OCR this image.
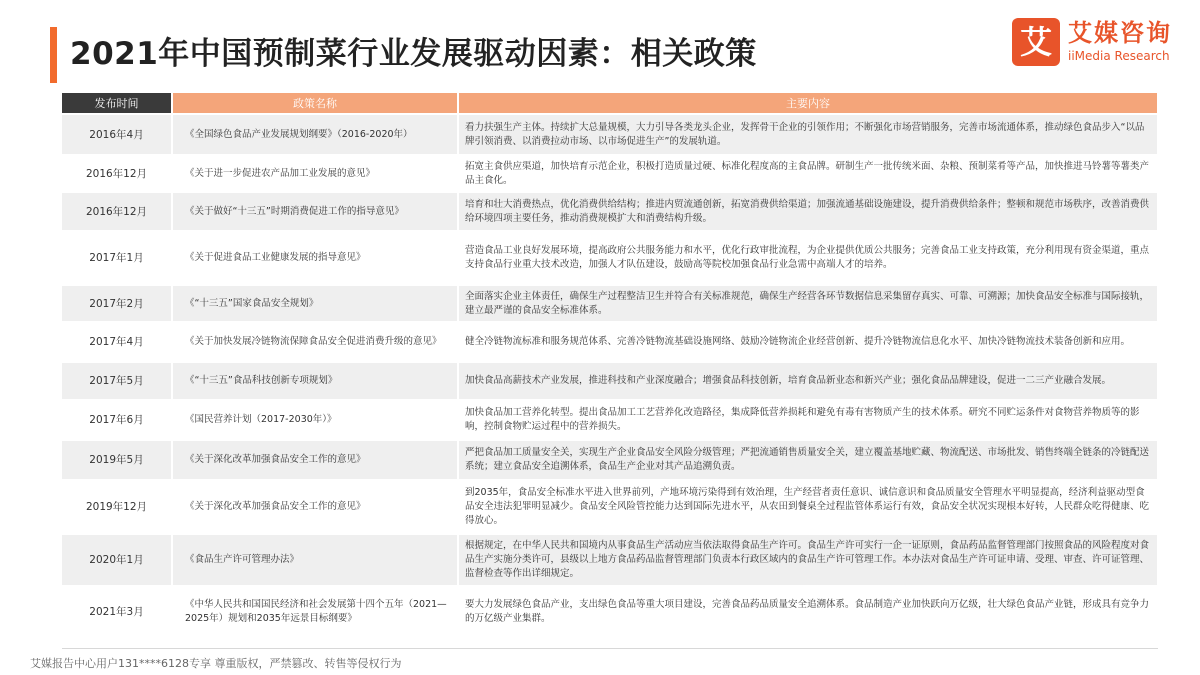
2021年中国预制菜行业发展驱动因素：相关政策	艾 艾媒咨询
iiMedia Research
发布时间	政策名称	主要内容
2016年4月	《全国绿色食品产业发展规划纲要》（2016-2020年）	看力扶强生产主体。持续扩大总量规模，大力引导各类龙头企业，发挥骨干企业的引领作用；不断强化市场营销服务，完善市场流通体系，推动绿色食品步入“以品牌引领消费、以消费拉动市场、以市场促进生产”的发展轨道。
2016年12月	《关于进一步促进农产品加工业发展的意见》	拓宽主食供应渠道，加快培育示范企业，积极打造质量过硬、标准化程度高的主食品牌。研制生产一批传统米面、杂粮、预制菜肴等产品，加快推进马铃薯等薯类产品主食化。
2016年12月	《关于做好“十三五”时期消费促进工作的指导意见》	培育和壮大消费热点，优化消费供给结构；推进内贸流通创新，拓宽消费供给渠道；加强流通基础设施建设，提升消费供给条件；整顿和规范市场秩序，改善消费供给环境四项主要任务，推动消费规模扩大和消费结构升级。
2017年1月	《关于促进食品工业健康发展的指导意见》	营造食品工业良好发展环境，提高政府公共服务能力和水平，优化行政审批流程，为企业提供优质公共服务；完善食品工业支持政策，充分利用现有资金渠道，重点支持食品行业重大技术改造，加强人才队伍建设，鼓励高等院校加强食品行业急需中高端人才的培养。
2017年2月	《“十三五”国家食品安全规划》	全面落实企业主体责任，确保生产过程整洁卫生并符合有关标准规范，确保生产经营各环节数据信息采集留存真实、可靠、可溯源；加快食品安全标准与国际接轨，建立最严谨的食品安全标准体系。
2017年4月	《关于加快发展冷链物流保障食品安全促进消费升级的意见》	健全冷链物流标准和服务规范体系、完善冷链物流基础设施网络、鼓励冷链物流企业经营创新、提升冷链物流信息化水平、加快冷链物流技术装备创新和应用。
2017年5月	《“十三五”食品科技创新专项规划》	加快食品高薪技术产业发展，推进科技和产业深度融合；增强食品科技创新，培育食品新业态和新兴产业；强化食品品牌建设，促进一二三产业融合发展。
2017年6月	《国民营养计划（2017-2030年）》	加快食品加工营养化转型。提出食品加工工艺营养化改造路径，集成降低营养损耗和避免有毒有害物质产生的技术体系。研究不同贮运条件对食物营养物质等的影响，控制食物贮运过程中的营养损失。
2019年5月	《关于深化改革加强食品安全工作的意见》	严把食品加工质量安全关，实现生产企业食品安全风险分级管理；严把流通销售质量安全关，建立覆盖基地贮藏、物流配送、市场批发、销售终端全链条的冷链配送系统；建立食品安全追溯体系，食品生产企业对其产品追溯负责。
2019年12月	《关于深化改革加强食品安全工作的意见》	到2035年，食品安全标准水平进入世界前列，产地环境污染得到有效治理，生产经营者责任意识、诚信意识和食品质量安全管理水平明显提高，经济利益驱动型食品安全违法犯罪明显减少。食品安全风险管控能力达到国际先进水平，从农田到餐桌全过程监管体系运行有效，食品安全状况实现根本好转，人民群众吃得健康、吃得放心。
2020年1月	《食品生产许可管理办法》	根据规定，在中华人民共和国境内从事食品生产活动应当依法取得食品生产许可。食品生产许可实行一企一证原则，食品药品监督管理部门按照食品的风险程度对食品生产实施分类许可，县级以上地方食品药品监督管理部门负责本行政区域内的食品生产许可管理工作。本办法对食品生产许可证申请、受理、审查、许可证管理、监督检查等作出详细规定。
2021年3月	《中华人民共和国国民经济和社会发展第十四个五年（2021—2025年）规划和2035年远景目标纲要》	要大力发展绿色食品产业，支出绿色食品等重大项目建设，完善食品药品质量安全追溯体系。食品制造产业加快跃向万亿级，壮大绿色食品产业链，形成具有竞争力的万亿级产业集群。
艾媒报告中心用户131****6128专享 尊重版权，严禁篡改、转售等侵权行为
